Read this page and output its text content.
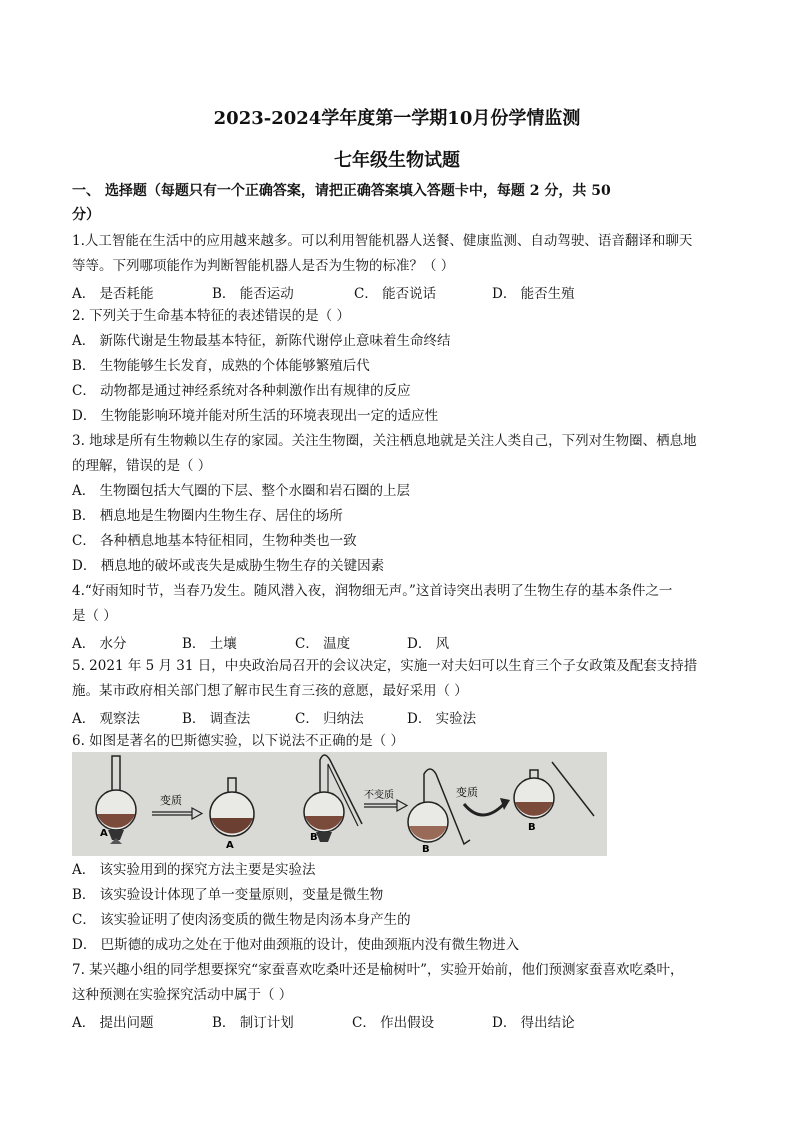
2023-2024学年度第一学期10月份学情监测
七年级生物试题
一、 选择题（每题只有一个正确答案，请把正确答案填入答题卡中，每题 2 分，共 50
分）
1.人工智能在生活中的应用越来越多。可以利用智能机器人送餐、健康监测、自动驾驶、语音翻译和聊天
等等。下列哪项能作为判断智能机器人是否为生物的标准？（ ）
A． 是否耗能	B． 能否运动	C． 能否说话	D． 能否生殖
2. 下列关于生命基本特征的表述错误的是（ ）
A． 新陈代谢是生物最基本特征，新陈代谢停止意味着生命终结
B． 生物能够生长发育，成熟的个体能够繁殖后代
C． 动物都是通过神经系统对各种刺激作出有规律的反应
D． 生物能影响环境并能对所生活的环境表现出一定的适应性
3. 地球是所有生物赖以生存的家园。关注生物圈，关注栖息地就是关注人类自己，下列对生物圈、栖息地
的理解，错误的是（ ）
A． 生物圈包括大气圈的下层、整个水圈和岩石圈的上层
B． 栖息地是生物圈内生物生存、居住的场所
C． 各种栖息地基本特征相同，生物种类也一致
D． 栖息地的破坏或丧失是威胁生物生存的关键因素
4.“好雨知时节，当春乃发生。随风潜入夜，润物细无声。”这首诗突出表明了生物生存的基本条件之一
是（ ）
A． 水分	B． 土壤	C． 温度	D． 风
5. 2021 年 5 月 31 日，中央政治局召开的会议决定，实施一对夫妇可以生育三个子女政策及配套支持措
施。某市政府相关部门想了解市民生育三孩的意愿，最好采用（ ）
A． 观察法	B． 调查法	C． 归纳法	D． 实验法
6. 如图是著名的巴斯德实验，以下说法不正确的是（ ）
A
变质
A
B
不变质
B
变质
B
A． 该实验用到的探究方法主要是实验法
B． 该实验设计体现了单一变量原则，变量是微生物
C． 该实验证明了使肉汤变质的微生物是肉汤本身产生的
D． 巴斯德的成功之处在于他对曲颈瓶的设计，使曲颈瓶内没有微生物进入
7. 某兴趣小组的同学想要探究“家蚕喜欢吃桑叶还是榆树叶”，实验开始前，他们预测家蚕喜欢吃桑叶，
这种预测在实验探究活动中属于（ ）
A． 提出问题	B． 制订计划	C． 作出假设	D． 得出结论
